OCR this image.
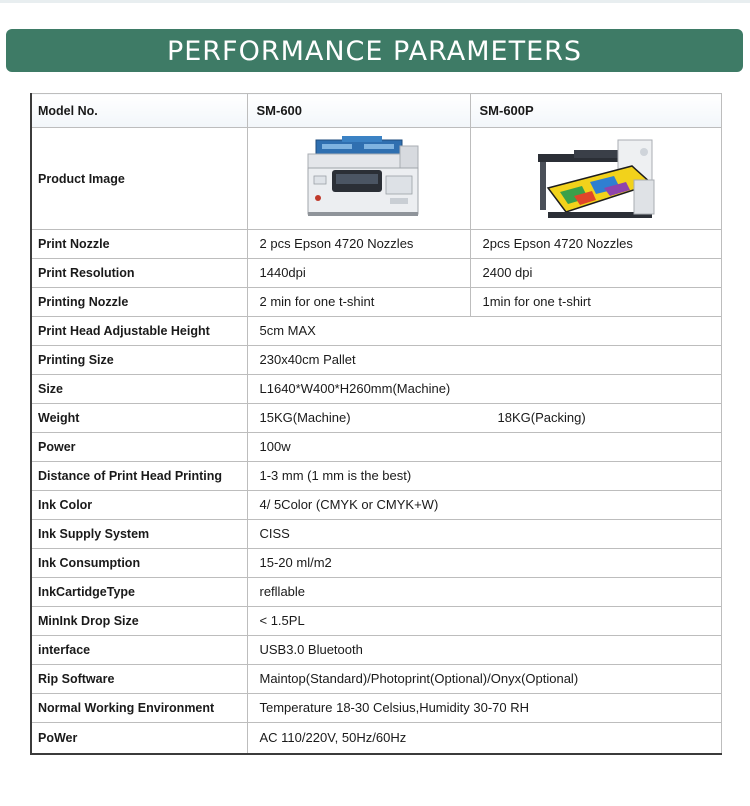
PERFORMANCE PARAMETERS
Model No.	SM-600	SM-600P
Product Image	

Print Nozzle	2 pcs Epson 4720 Nozzles	2pcs Epson 4720 Nozzles
Print Resolution	1440dpi	2400 dpi
Printing Nozzle	2 min for one t-shint	1min for one t-shirt
Print Head Adjustable Height	5cm MAX	
Printing Size	230x40cm Pallet	
Size	L1640*W400*H260mm(Machine)	
Weight	15KG(Machine) 18KG(Packing)	

Power	100w	
Distance of Print Head Printing	1-3 mm (1 mm is the best)	
Ink Color	4/ 5Color (CMYK or CMYK+W)	
Ink Supply System	CISS	
Ink Consumption	15-20 ml/m2	
InkCartidgeType	refllable	
MinInk Drop Size	< 1.5PL	
interface	USB3.0 Bluetooth	
Rip Software	Maintop(Standard)/Photoprint(Optional)/Onyx(Optional)	
Normal Working Environment	Temperature 18-30 Celsius,Humidity 30-70 RH	
PoWer	AC 110/220V, 50Hz/60Hz	
